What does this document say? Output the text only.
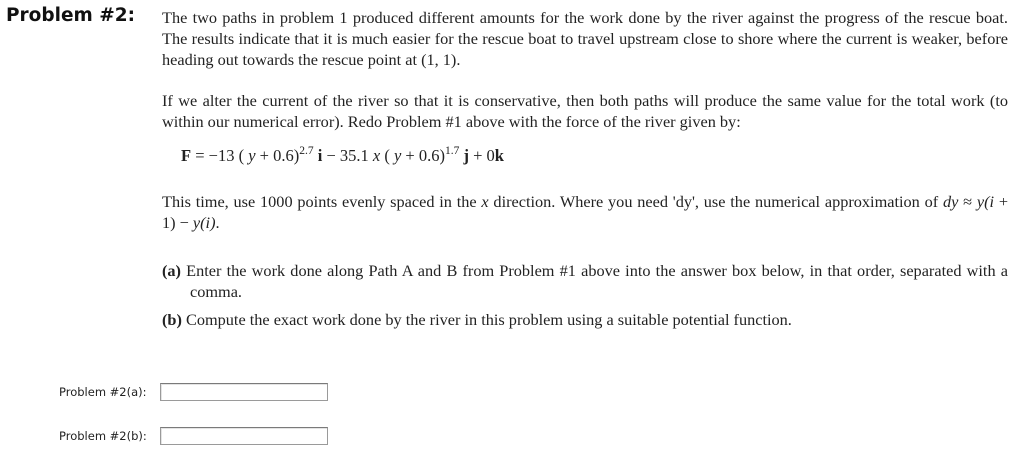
Problem #2: The two paths in problem 1 produced different amounts for the work done by the river against the progress of the rescue boat. The results indicate that it is much easier for the rescue boat to travel upstream close to shore where the current is weaker, before heading out towards the rescue point at (1, 1).

If we alter the current of the river so that it is conservative, then both paths will produce the same value for the total work (to within our numerical error). Redo Problem #1 above with the force of the river given by:

F = −13 ( y + 0.6)$^{2.7}$ i − 35.1 x ( y + 0.6)$^{1.7}$ j + 0k

This time, use 1000 points evenly spaced in the x direction. Where you need 'dy', use the numerical approximation of dy ≈ y(i + 1) − y(i).

(a) Enter the work done along Path A and B from Problem #1 above into the answer box below, in that order, separated with a comma.
(b) Compute the exact work done by the river in this problem using a suitable potential function.
Problem #2(a):
Problem #2(b):
